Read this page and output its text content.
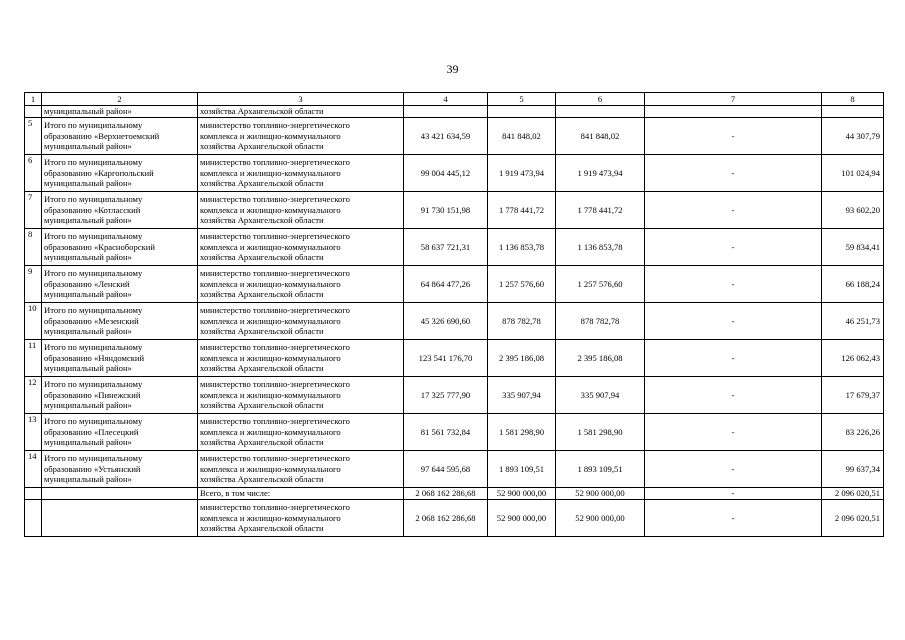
39
1	2	3	4	5	6	7	8
	муниципальный район»	хозяйства Архангельской области					
5	Итого по муниципальному
образованию «Верхнетоемский
муниципальный район»	министерство топливно-энергетического
комплекса и жилищно-коммунального
хозяйства Архангельской области	43 421 634,59	841 848,02	841 848,02	-	44 307,79
6	Итого по муниципальному
образованию «Каргопольский
муниципальный район»	министерство топливно-энергетического
комплекса и жилищно-коммунального
хозяйства Архангельской области	99 004 445,12	1 919 473,94	1 919 473,94	-	101 024,94
7	Итого по муниципальному
образованию «Котласский
муниципальный район»	министерство топливно-энергетического
комплекса и жилищно-коммунального
хозяйства Архангельской области	91 730 151,98	1 778 441,72	1 778 441,72	-	93 602,20
8	Итого по муниципальному
образованию «Красноборский
муниципальный район»	министерство топливно-энергетического
комплекса и жилищно-коммунального
хозяйства Архангельской области	58 637 721,31	1 136 853,78	1 136 853,78	-	59 834,41
9	Итого по муниципальному
образованию «Ленский
муниципальный район»	министерство топливно-энергетического
комплекса и жилищно-коммунального
хозяйства Архангельской области	64 864 477,26	1 257 576,60	1 257 576,60	-	66 188,24
10	Итого по муниципальному
образованию «Мезенский
муниципальный район»	министерство топливно-энергетического
комплекса и жилищно-коммунального
хозяйства Архангельской области	45 326 690,60	878 782,78	878 782,78	-	46 251,73
11	Итого по муниципальному
образованию «Няндомский
муниципальный район»	министерство топливно-энергетического
комплекса и жилищно-коммунального
хозяйства Архангельской области	123 541 176,70	2 395 186,08	2 395 186,08	-	126 062,43
12	Итого по муниципальному
образованию «Пинежский
муниципальный район»	министерство топливно-энергетического
комплекса и жилищно-коммунального
хозяйства Архангельской области	17 325 777,90	335 907,94	335 907,94	-	17 679,37
13	Итого по муниципальному
образованию «Плесецкий
муниципальный район»	министерство топливно-энергетического
комплекса и жилищно-коммунального
хозяйства Архангельской области	81 561 732,84	1 581 298,90	1 581 298,90	-	83 226,26
14	Итого по муниципальному
образованию «Устьянский
муниципальный район»	министерство топливно-энергетического
комплекса и жилищно-коммунального
хозяйства Архангельской области	97 644 595,68	1 893 109,51	1 893 109,51	-	99 637,34
		Всего, в том числе:	2 068 162 286,68	52 900 000,00	52 900 000,00	-	2 096 020,51

		министерство топливно-энергетического
комплекса и жилищно-коммунального
хозяйства Архангельской области	2 068 162 286,68	52 900 000,00	52 900 000,00	-	2 096 020,51
